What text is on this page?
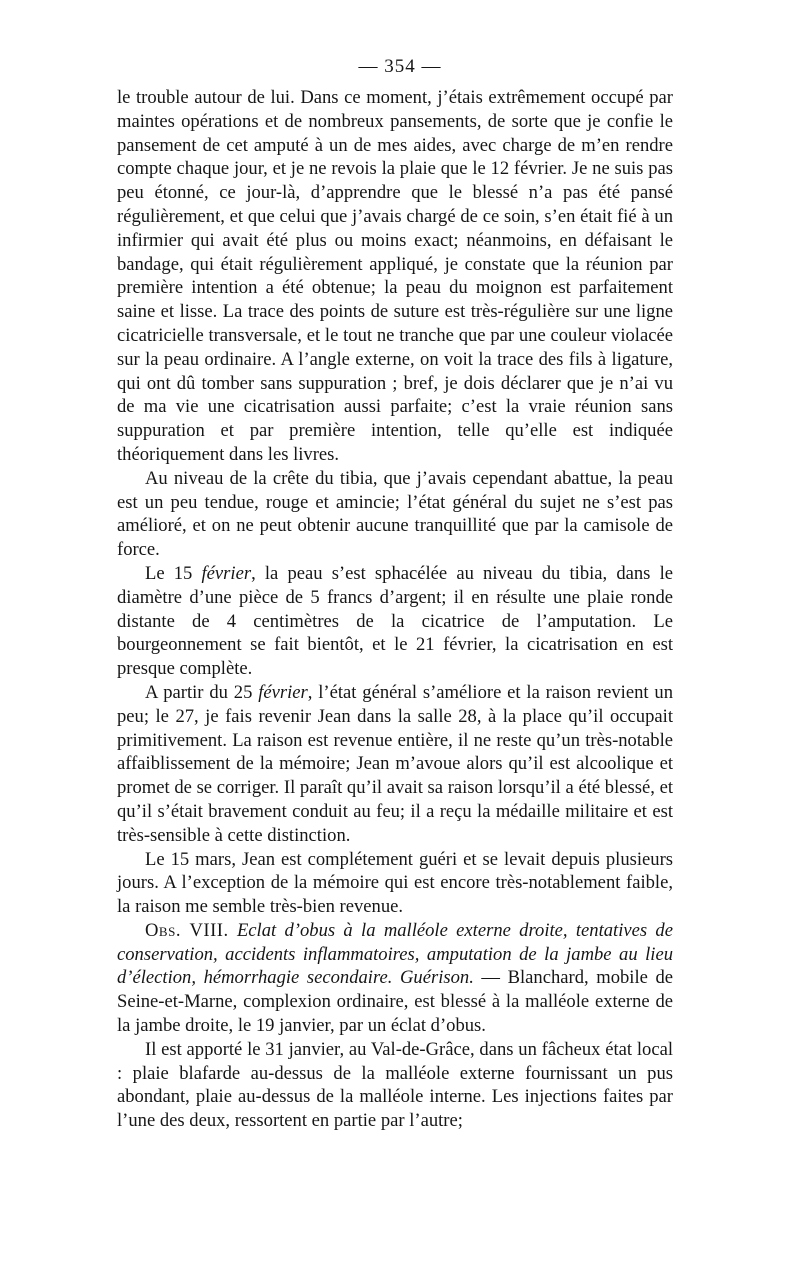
— 354 —

le trouble autour de lui. Dans ce moment, j’étais extrêmement occupé par maintes opérations et de nombreux pansements, de sorte que je confie le pansement de cet amputé à un de mes aides, avec charge de m’en rendre compte chaque jour, et je ne revois la plaie que le 12 février. Je ne suis pas peu étonné, ce jour-là, d’apprendre que le blessé n’a pas été pansé régulièrement, et que celui que j’avais chargé de ce soin, s’en était fié à un infirmier qui avait été plus ou moins exact; néanmoins, en défaisant le bandage, qui était régulièrement appliqué, je constate que la réunion par première intention a été obtenue; la peau du moignon est parfaitement saine et lisse. La trace des points de suture est très-régulière sur une ligne cicatricielle transversale, et le tout ne tranche que par une couleur violacée sur la peau ordinaire. A l’angle externe, on voit la trace des fils à ligature, qui ont dû tomber sans suppuration ; bref, je dois déclarer que je n’ai vu de ma vie une cicatrisation aussi parfaite; c’est la vraie réunion sans suppuration et par première intention, telle qu’elle est indiquée théoriquement dans les livres.

Au niveau de la crête du tibia, que j’avais cependant abattue, la peau est un peu tendue, rouge et amincie; l’état général du sujet ne s’est pas amélioré, et on ne peut obtenir aucune tranquillité que par la camisole de force.

Le 15 février, la peau s’est sphacélée au niveau du tibia, dans le diamètre d’une pièce de 5 francs d’argent; il en résulte une plaie ronde distante de 4 centimètres de la cicatrice de l’amputation. Le bourgeonnement se fait bientôt, et le 21 février, la cicatrisation en est presque complète.

A partir du 25 février, l’état général s’améliore et la raison revient un peu; le 27, je fais revenir Jean dans la salle 28, à la place qu’il occupait primitivement. La raison est revenue entière, il ne reste qu’un très-notable affaiblissement de la mémoire; Jean m’avoue alors qu’il est alcoolique et promet de se corriger. Il paraît qu’il avait sa raison lorsqu’il a été blessé, et qu’il s’était bravement conduit au feu; il a reçu la médaille militaire et est très-sensible à cette distinction.

Le 15 mars, Jean est complétement guéri et se levait depuis plusieurs jours. A l’exception de la mémoire qui est encore très-notablement faible, la raison me semble très-bien revenue.

Obs. VIII. Eclat d’obus à la malléole externe droite, tentatives de conservation, accidents inflammatoires, amputation de la jambe au lieu d’élection, hémorrhagie secondaire. Guérison. — Blanchard, mobile de Seine-et-Marne, complexion ordinaire, est blessé à la malléole externe de la jambe droite, le 19 janvier, par un éclat d’obus.

Il est apporté le 31 janvier, au Val-de-Grâce, dans un fâcheux état local : plaie blafarde au-dessus de la malléole externe fournissant un pus abondant, plaie au-dessus de la malléole interne. Les injections faites par l’une des deux, ressortent en partie par l’autre;
